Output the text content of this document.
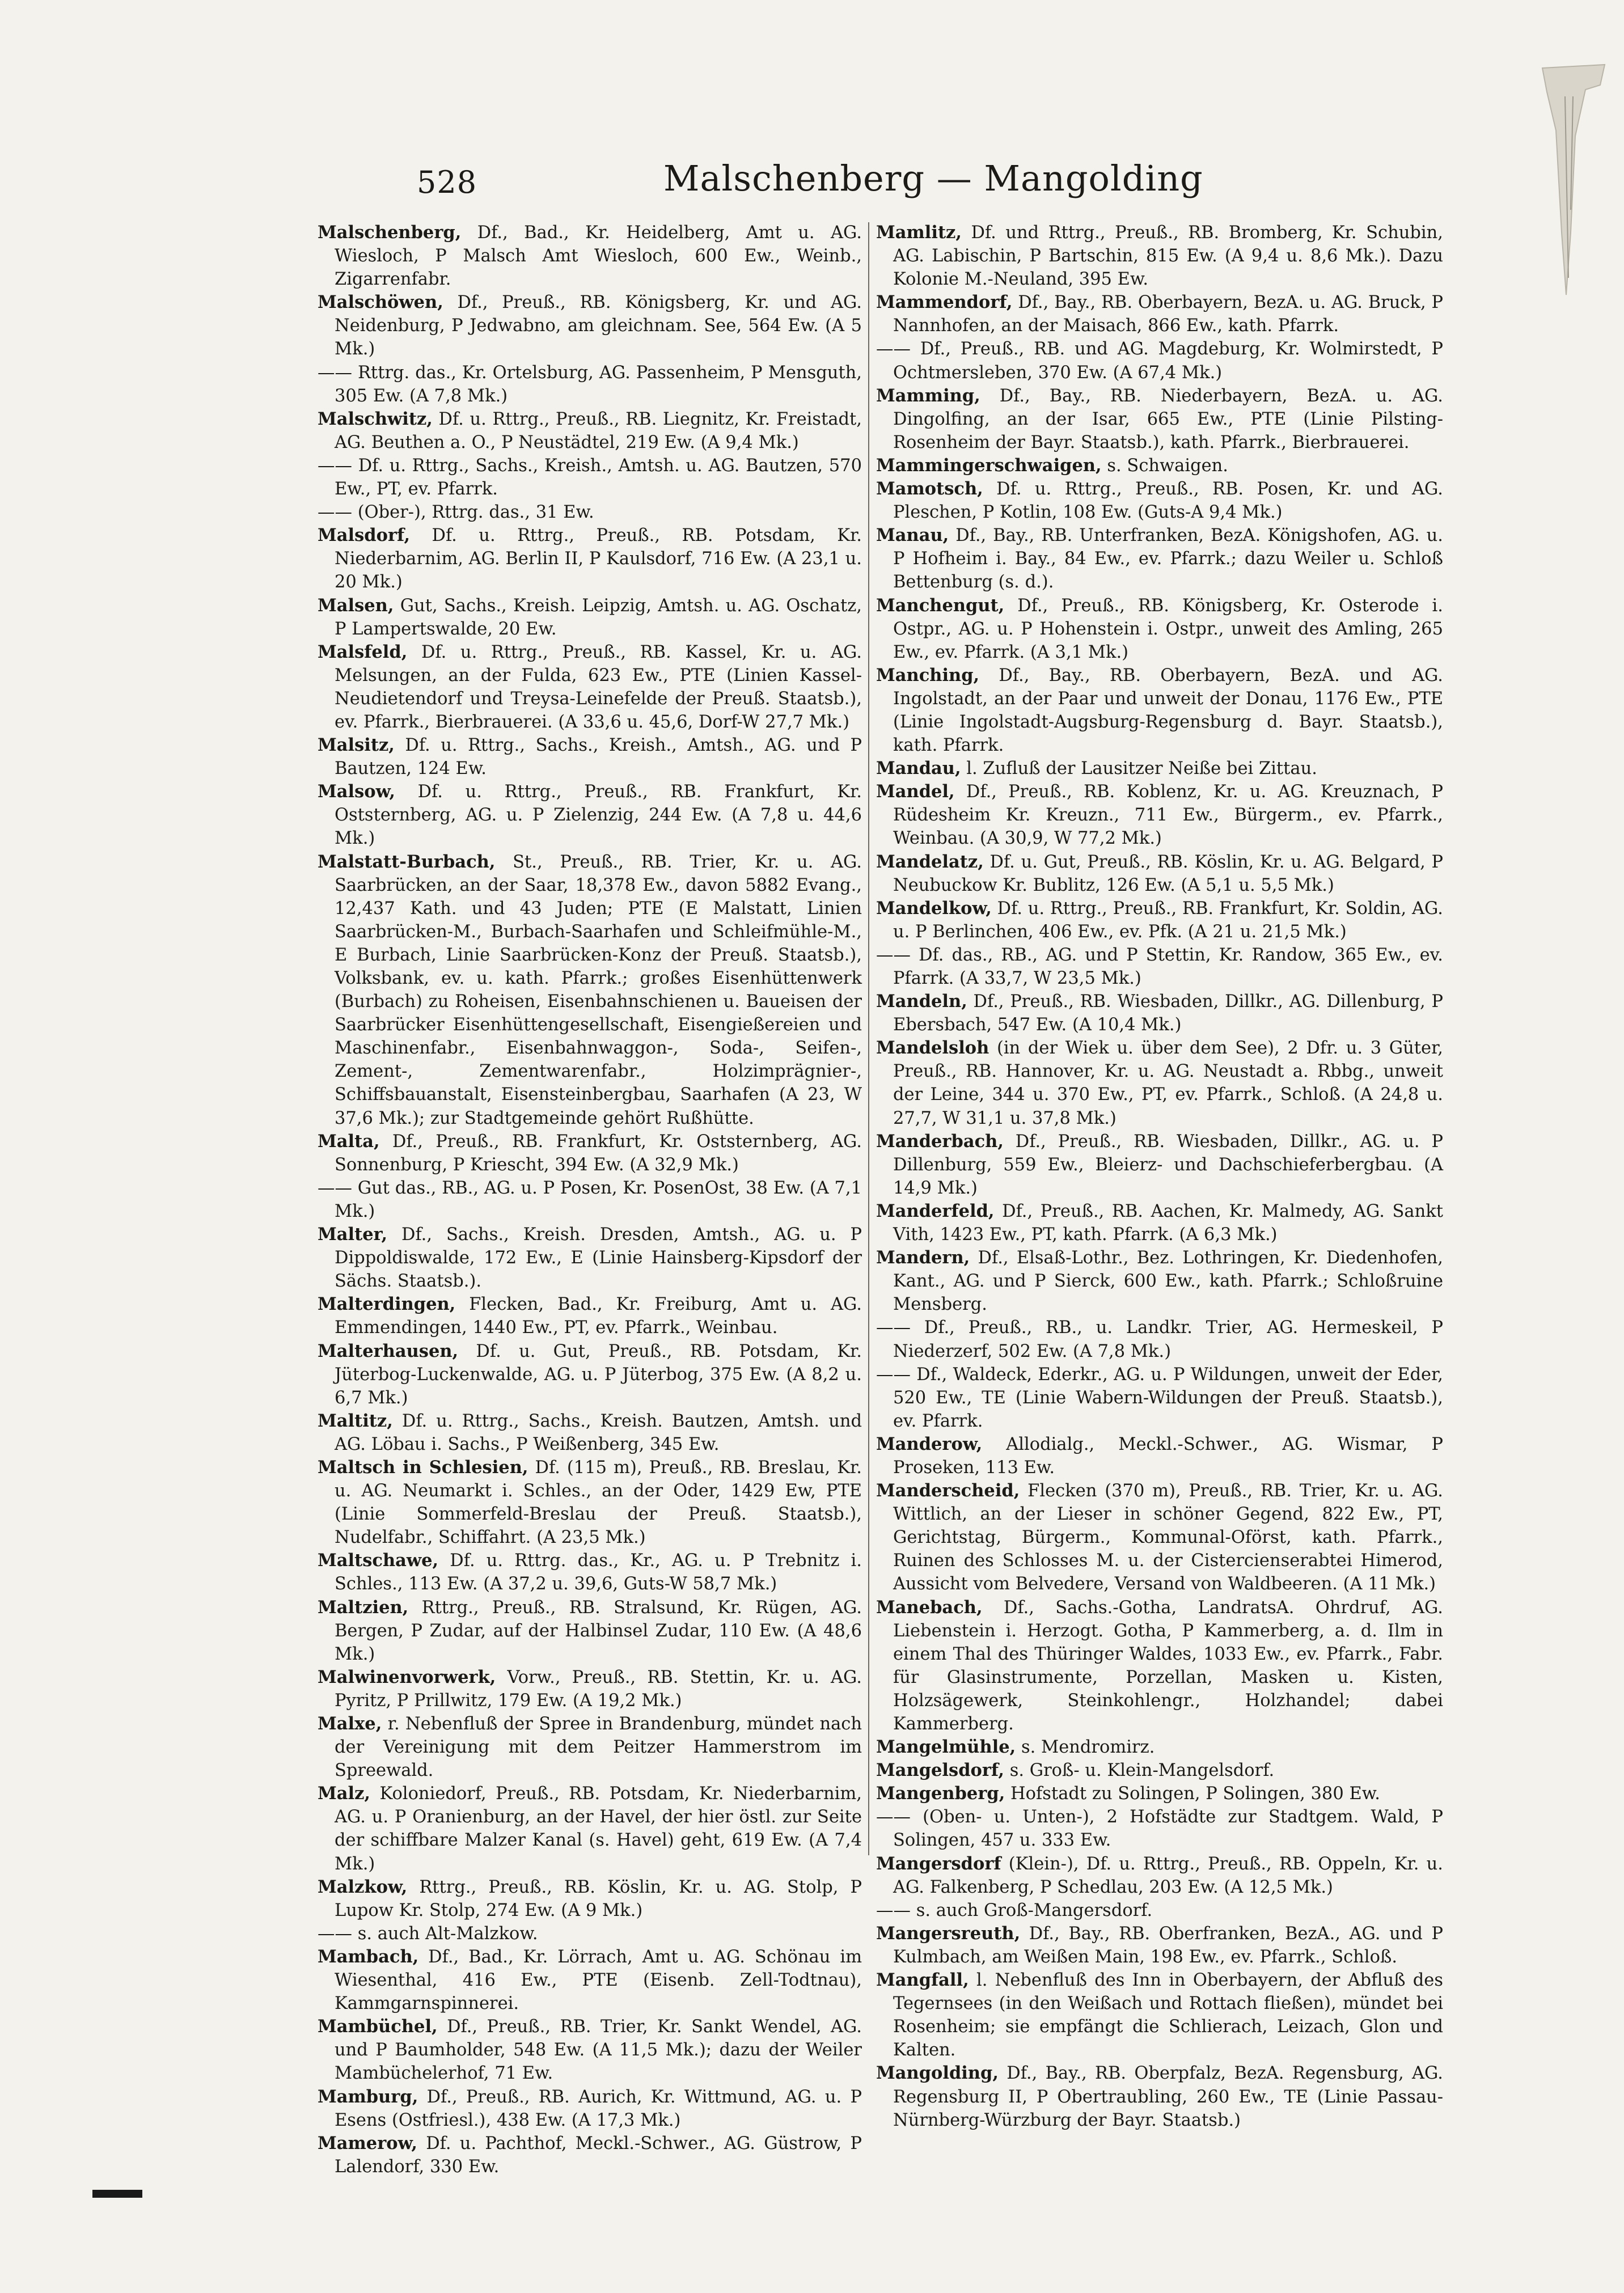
528	Malschenberg — Mangolding

Malschenberg, Df., Bad., Kr. Heidelberg, Amt u. AG. Wiesloch, P Malsch Amt Wiesloch, 600 Ew., Weinb., Zigarrenfabr.

Malschöwen, Df., Preuß., RB. Königsberg, Kr. und AG. Neidenburg, P Jedwabno, am gleichnam. See, 564 Ew. (A 5 Mk.)

—— Rttrg. das., Kr. Ortelsburg, AG. Passenheim, P Mensguth, 305 Ew. (A 7,8 Mk.)

Malschwitz, Df. u. Rttrg., Preuß., RB. Liegnitz, Kr. Freistadt, AG. Beuthen a. O., P Neustädtel, 219 Ew. (A 9,4 Mk.)

—— Df. u. Rttrg., Sachs., Kreish., Amtsh. u. AG. Bautzen, 570 Ew., PT, ev. Pfarrk.

—— (Ober-), Rttrg. das., 31 Ew.

Malsdorf, Df. u. Rttrg., Preuß., RB. Potsdam, Kr. Niederbarnim, AG. Berlin II, P Kaulsdorf, 716 Ew. (A 23,1 u. 20 Mk.)

Malsen, Gut, Sachs., Kreish. Leipzig, Amtsh. u. AG. Oschatz, P Lampertswalde, 20 Ew.

Malsfeld, Df. u. Rttrg., Preuß., RB. Kassel, Kr. u. AG. Melsungen, an der Fulda, 623 Ew., PTE (Linien Kassel-Neudietendorf und Treysa-Leinefelde der Preuß. Staatsb.), ev. Pfarrk., Bierbrauerei. (A 33,6 u. 45,6, Dorf-W 27,7 Mk.)

Malsitz, Df. u. Rttrg., Sachs., Kreish., Amtsh., AG. und P Bautzen, 124 Ew.

Malsow, Df. u. Rttrg., Preuß., RB. Frankfurt, Kr. Oststernberg, AG. u. P Zielenzig, 244 Ew. (A 7,8 u. 44,6 Mk.)

Malstatt-Burbach, St., Preuß., RB. Trier, Kr. u. AG. Saarbrücken, an der Saar, 18,378 Ew., davon 5882 Evang., 12,437 Kath. und 43 Juden; PTE (E Malstatt, Linien Saarbrücken-M., Burbach-Saarhafen und Schleifmühle-M., E Burbach, Linie Saarbrücken-Konz der Preuß. Staatsb.), Volksbank, ev. u. kath. Pfarrk.; großes Eisenhüttenwerk (Burbach) zu Roheisen, Eisenbahnschienen u. Baueisen der Saarbrücker Eisenhüttengesellschaft, Eisengießereien und Maschinenfabr., Eisenbahnwaggon-, Soda-, Seifen-, Zement-, Zementwarenfabr., Holzimprägnier-, Schiffsbauanstalt, Eisensteinbergbau, Saarhafen (A 23, W 37,6 Mk.); zur Stadtgemeinde gehört Rußhütte.

Malta, Df., Preuß., RB. Frankfurt, Kr. Oststernberg, AG. Sonnenburg, P Kriescht, 394 Ew. (A 32,9 Mk.)

—— Gut das., RB., AG. u. P Posen, Kr. PosenOst, 38 Ew. (A 7,1 Mk.)

Malter, Df., Sachs., Kreish. Dresden, Amtsh., AG. u. P Dippoldiswalde, 172 Ew., E (Linie Hainsberg-Kipsdorf der Sächs. Staatsb.).

Malterdingen, Flecken, Bad., Kr. Freiburg, Amt u. AG. Emmendingen, 1440 Ew., PT, ev. Pfarrk., Weinbau.

Malterhausen, Df. u. Gut, Preuß., RB. Potsdam, Kr. Jüterbog-Luckenwalde, AG. u. P Jüterbog, 375 Ew. (A 8,2 u. 6,7 Mk.)

Maltitz, Df. u. Rttrg., Sachs., Kreish. Bautzen, Amtsh. und AG. Löbau i. Sachs., P Weißenberg, 345 Ew.

Maltsch in Schlesien, Df. (115 m), Preuß., RB. Breslau, Kr. u. AG. Neumarkt i. Schles., an der Oder, 1429 Ew, PTE (Linie Sommerfeld-Breslau der Preuß. Staatsb.), Nudelfabr., Schiffahrt. (A 23,5 Mk.)

Maltschawe, Df. u. Rttrg. das., Kr., AG. u. P Trebnitz i. Schles., 113 Ew. (A 37,2 u. 39,6, Guts-W 58,7 Mk.)

Maltzien, Rttrg., Preuß., RB. Stralsund, Kr. Rügen, AG. Bergen, P Zudar, auf der Halbinsel Zudar, 110 Ew. (A 48,6 Mk.)

Malwinenvorwerk, Vorw., Preuß., RB. Stettin, Kr. u. AG. Pyritz, P Prillwitz, 179 Ew. (A 19,2 Mk.)

Malxe, r. Nebenfluß der Spree in Brandenburg, mündet nach der Vereinigung mit dem Peitzer Hammerstrom im Spreewald.

Malz, Koloniedorf, Preuß., RB. Potsdam, Kr. Niederbarnim, AG. u. P Oranienburg, an der Havel, der hier östl. zur Seite der schiffbare Malzer Kanal (s. Havel) geht, 619 Ew. (A 7,4 Mk.)

Malzkow, Rttrg., Preuß., RB. Köslin, Kr. u. AG. Stolp, P Lupow Kr. Stolp, 274 Ew. (A 9 Mk.)

—— s. auch Alt-Malzkow.

Mambach, Df., Bad., Kr. Lörrach, Amt u. AG. Schönau im Wiesenthal, 416 Ew., PTE (Eisenb. Zell-Todtnau), Kammgarnspinnerei.

Mambüchel, Df., Preuß., RB. Trier, Kr. Sankt Wendel, AG. und P Baumholder, 548 Ew. (A 11,5 Mk.); dazu der Weiler Mambüchelerhof, 71 Ew.

Mamburg, Df., Preuß., RB. Aurich, Kr. Wittmund, AG. u. P Esens (Ostfriesl.), 438 Ew. (A 17,3 Mk.)

Mamerow, Df. u. Pachthof, Meckl.-Schwer., AG. Güstrow, P Lalendorf, 330 Ew.

Mamlitz, Df. und Rttrg., Preuß., RB. Bromberg, Kr. Schubin, AG. Labischin, P Bartschin, 815 Ew. (A 9,4 u. 8,6 Mk.). Dazu Kolonie M.-Neuland, 395 Ew.

Mammendorf, Df., Bay., RB. Oberbayern, BezA. u. AG. Bruck, P Nannhofen, an der Maisach, 866 Ew., kath. Pfarrk.

—— Df., Preuß., RB. und AG. Magdeburg, Kr. Wolmirstedt, P Ochtmersleben, 370 Ew. (A 67,4 Mk.)

Mamming, Df., Bay., RB. Niederbayern, BezA. u. AG. Dingolfing, an der Isar, 665 Ew., PTE (Linie Pilsting-Rosenheim der Bayr. Staatsb.), kath. Pfarrk., Bierbrauerei.

Mammingerschwaigen, s. Schwaigen.

Mamotsch, Df. u. Rttrg., Preuß., RB. Posen, Kr. und AG. Pleschen, P Kotlin, 108 Ew. (Guts-A 9,4 Mk.)

Manau, Df., Bay., RB. Unterfranken, BezA. Königshofen, AG. u. P Hofheim i. Bay., 84 Ew., ev. Pfarrk.; dazu Weiler u. Schloß Bettenburg (s. d.).

Manchengut, Df., Preuß., RB. Königsberg, Kr. Osterode i. Ostpr., AG. u. P Hohenstein i. Ostpr., unweit des Amling, 265 Ew., ev. Pfarrk. (A 3,1 Mk.)

Manching, Df., Bay., RB. Oberbayern, BezA. und AG. Ingolstadt, an der Paar und unweit der Donau, 1176 Ew., PTE (Linie Ingolstadt-Augsburg-Regensburg d. Bayr. Staatsb.), kath. Pfarrk.

Mandau, l. Zufluß der Lausitzer Neiße bei Zittau.

Mandel, Df., Preuß., RB. Koblenz, Kr. u. AG. Kreuznach, P Rüdesheim Kr. Kreuzn., 711 Ew., Bürgerm., ev. Pfarrk., Weinbau. (A 30,9, W 77,2 Mk.)

Mandelatz, Df. u. Gut, Preuß., RB. Köslin, Kr. u. AG. Belgard, P Neubuckow Kr. Bublitz, 126 Ew. (A 5,1 u. 5,5 Mk.)

Mandelkow, Df. u. Rttrg., Preuß., RB. Frankfurt, Kr. Soldin, AG. u. P Berlinchen, 406 Ew., ev. Pfk. (A 21 u. 21,5 Mk.)

—— Df. das., RB., AG. und P Stettin, Kr. Randow, 365 Ew., ev. Pfarrk. (A 33,7, W 23,5 Mk.)

Mandeln, Df., Preuß., RB. Wiesbaden, Dillkr., AG. Dillenburg, P Ebersbach, 547 Ew. (A 10,4 Mk.)

Mandelsloh (in der Wiek u. über dem See), 2 Dfr. u. 3 Güter, Preuß., RB. Hannover, Kr. u. AG. Neustadt a. Rbbg., unweit der Leine, 344 u. 370 Ew., PT, ev. Pfarrk., Schloß. (A 24,8 u. 27,7, W 31,1 u. 37,8 Mk.)

Manderbach, Df., Preuß., RB. Wiesbaden, Dillkr., AG. u. P Dillenburg, 559 Ew., Bleierz- und Dachschieferbergbau. (A 14,9 Mk.)

Manderfeld, Df., Preuß., RB. Aachen, Kr. Malmedy, AG. Sankt Vith, 1423 Ew., PT, kath. Pfarrk. (A 6,3 Mk.)

Mandern, Df., Elsaß-Lothr., Bez. Lothringen, Kr. Diedenhofen, Kant., AG. und P Sierck, 600 Ew., kath. Pfarrk.; Schloßruine Mensberg.

—— Df., Preuß., RB., u. Landkr. Trier, AG. Hermeskeil, P Niederzerf, 502 Ew. (A 7,8 Mk.)

—— Df., Waldeck, Ederkr., AG. u. P Wildungen, unweit der Eder, 520 Ew., TE (Linie Wabern-Wildungen der Preuß. Staatsb.), ev. Pfarrk.

Manderow, Allodialg., Meckl.-Schwer., AG. Wismar, P Proseken, 113 Ew.

Manderscheid, Flecken (370 m), Preuß., RB. Trier, Kr. u. AG. Wittlich, an der Lieser in schöner Gegend, 822 Ew., PT, Gerichtstag, Bürgerm., Kommunal-Oförst, kath. Pfarrk., Ruinen des Schlosses M. u. der Cistercienserabtei Himerod, Aussicht vom Belvedere, Versand von Waldbeeren. (A 11 Mk.)

Manebach, Df., Sachs.-Gotha, LandratsA. Ohrdruf, AG. Liebenstein i. Herzogt. Gotha, P Kammerberg, a. d. Ilm in einem Thal des Thüringer Waldes, 1033 Ew., ev. Pfarrk., Fabr. für Glasinstrumente, Porzellan, Masken u. Kisten, Holzsägewerk, Steinkohlengr., Holzhandel; dabei Kammerberg.

Mangelmühle, s. Mendromirz.

Mangelsdorf, s. Groß- u. Klein-Mangelsdorf.

Mangenberg, Hofstadt zu Solingen, P Solingen, 380 Ew.

—— (Oben- u. Unten-), 2 Hofstädte zur Stadtgem. Wald, P Solingen, 457 u. 333 Ew.

Mangersdorf (Klein-), Df. u. Rttrg., Preuß., RB. Oppeln, Kr. u. AG. Falkenberg, P Schedlau, 203 Ew. (A 12,5 Mk.)

—— s. auch Groß-Mangersdorf.

Mangersreuth, Df., Bay., RB. Oberfranken, BezA., AG. und P Kulmbach, am Weißen Main, 198 Ew., ev. Pfarrk., Schloß.

Mangfall, l. Nebenfluß des Inn in Oberbayern, der Abfluß des Tegernsees (in den Weißach und Rottach fließen), mündet bei Rosenheim; sie empfängt die Schlierach, Leizach, Glon und Kalten.

Mangolding, Df., Bay., RB. Oberpfalz, BezA. Regensburg, AG. Regensburg II, P Obertraubling, 260 Ew., TE (Linie Passau-Nürnberg-Würzburg der Bayr. Staatsb.)
